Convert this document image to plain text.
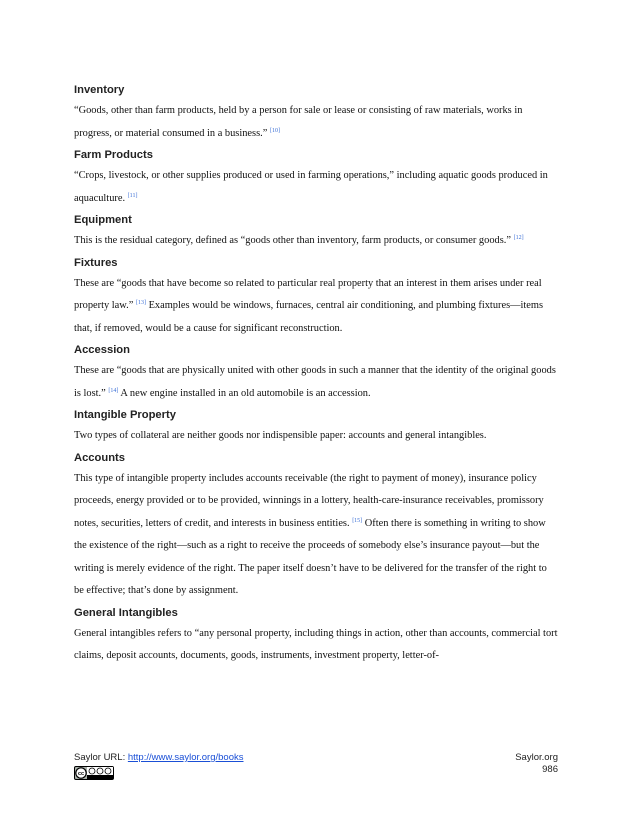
Inventory

“Goods, other than farm products, held by a person for sale or lease or consisting of raw materials, works in progress, or material consumed in a business.” [10]

Farm Products

“Crops, livestock, or other supplies produced or used in farming operations,” including aquatic goods produced in aquaculture. [11]

Equipment

This is the residual category, defined as “goods other than inventory, farm products, or consumer goods.” [12]

Fixtures

These are “goods that have become so related to particular real property that an interest in them arises under real property law.” [13] Examples would be windows, furnaces, central air conditioning, and plumbing fixtures—items that, if removed, would be a cause for significant reconstruction.

Accession

These are “goods that are physically united with other goods in such a manner that the identity of the original goods is lost.” [14] A new engine installed in an old automobile is an accession.

Intangible Property

Two types of collateral are neither goods nor indispensible paper: accounts and general intangibles.

Accounts

This type of intangible property includes accounts receivable (the right to payment of money), insurance policy proceeds, energy provided or to be provided, winnings in a lottery, health-care-insurance receivables, promissory notes, securities, letters of credit, and interests in business entities. [15] Often there is something in writing to show the existence of the right—such as a right to receive the proceeds of somebody else’s insurance payout—but the writing is merely evidence of the right. The paper itself doesn’t have to be delivered for the transfer of the right to be effective; that’s done by assignment.

General Intangibles

General intangibles refers to “any personal property, including things in action, other than accounts, commercial tort claims, deposit accounts, documents, goods, instruments, investment property, letter-of-

Saylor URL: http://www.saylor.org/books
cc
Saylor.org
986
